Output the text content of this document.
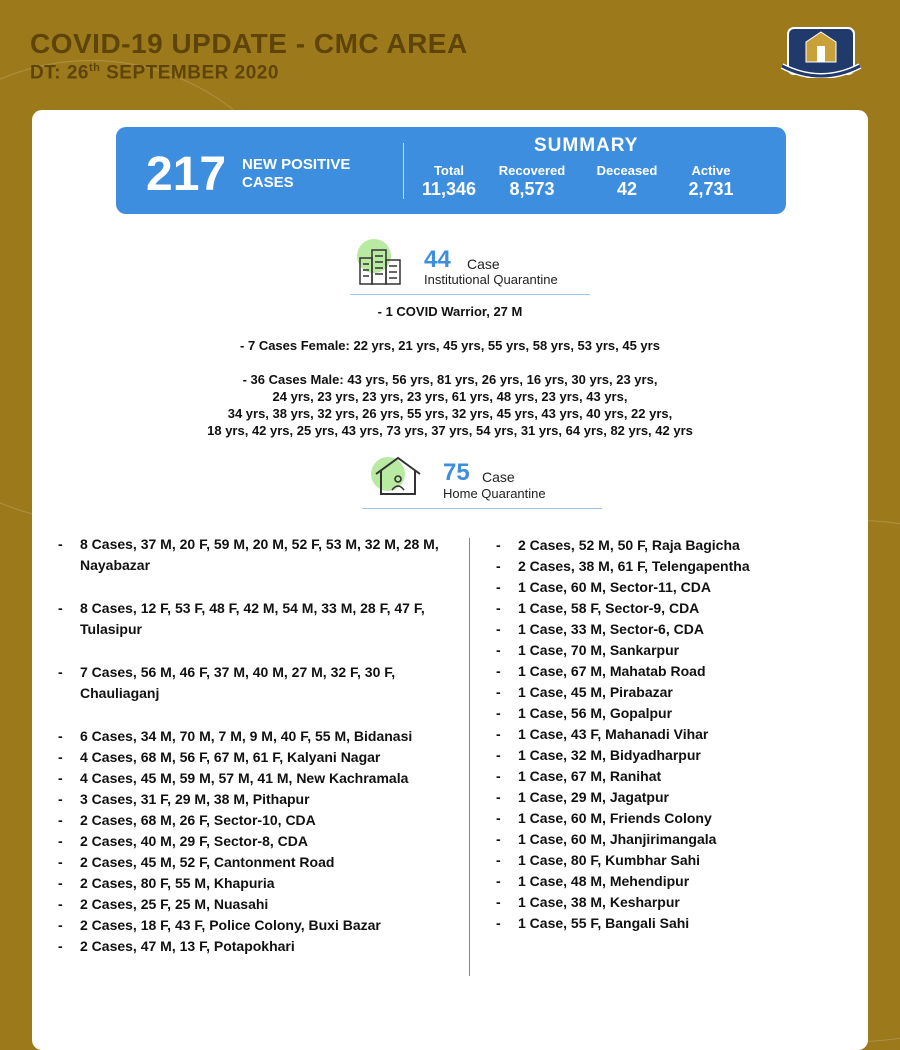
COVID-19 UPDATE - CMC AREA
DT: 26th SEPTEMBER 2020
217 NEW POSITIVE CASES
SUMMARY
Total
11,346
Recovered
8,573
Deceased
42
Active
2,731
44 Case
Institutional Quarantine
- 1 COVID Warrior, 27 M
- 7 Cases Female: 22 yrs, 21 yrs, 45 yrs, 55 yrs, 58 yrs, 53 yrs, 45 yrs
- 36 Cases Male: 43 yrs, 56 yrs, 81 yrs, 26 yrs, 16 yrs, 30 yrs, 23 yrs,
24 yrs, 23 yrs, 23 yrs, 23 yrs, 61 yrs, 48 yrs, 23 yrs, 43 yrs,
34 yrs, 38 yrs, 32 yrs, 26 yrs, 55 yrs, 32 yrs, 45 yrs, 43 yrs, 40 yrs, 22 yrs,
18 yrs, 42 yrs, 25 yrs, 43 yrs, 73 yrs, 37 yrs, 54 yrs, 31 yrs, 64 yrs, 82 yrs, 42 yrs
75 Case
Home Quarantine
- 8 Cases, 37 M, 20 F, 59 M, 20 M, 52 F, 53 M, 32 M, 28 M, Nayabazar
- 8 Cases, 12 F, 53 F, 48 F, 42 M, 54 M, 33 M, 28 F, 47 F, Tulasipur
- 7 Cases, 56 M, 46 F, 37 M, 40 M, 27 M, 32 F, 30 F, Chauliaganj
- 6 Cases, 34 M, 70 M, 7 M, 9 M, 40 F, 55 M, Bidanasi
- 4 Cases, 68 M, 56 F, 67 M, 61 F, Kalyani Nagar
- 4 Cases, 45 M, 59 M, 57 M, 41 M, New Kachramala
- 3 Cases, 31 F, 29 M, 38 M, Pithapur
- 2 Cases, 68 M, 26 F, Sector-10, CDA
- 2 Cases, 40 M, 29 F, Sector-8, CDA
- 2 Cases, 45 M, 52 F, Cantonment Road
- 2 Cases, 80 F, 55 M, Khapuria
- 2 Cases, 25 F, 25 M, Nuasahi
- 2 Cases, 18 F, 43 F, Police Colony, Buxi Bazar
- 2 Cases, 47 M, 13 F, Potapokhari
- 2 Cases, 52 M, 50 F, Raja Bagicha
- 2 Cases, 38 M, 61 F, Telengapentha
- 1 Case, 60 M, Sector-11, CDA
- 1 Case, 58 F, Sector-9, CDA
- 1 Case, 33 M, Sector-6, CDA
- 1 Case, 70 M, Sankarpur
- 1 Case, 67 M, Mahatab Road
- 1 Case, 45 M, Pirabazar
- 1 Case, 56 M, Gopalpur
- 1 Case, 43 F, Mahanadi Vihar
- 1 Case, 32 M, Bidyadharpur
- 1 Case, 67 M, Ranihat
- 1 Case, 29 M, Jagatpur
- 1 Case, 60 M, Friends Colony
- 1 Case, 60 M, Jhanjirimangala
- 1 Case, 80 F, Kumbhar Sahi
- 1 Case, 48 M, Mehendipur
- 1 Case, 38 M, Kesharpur
- 1 Case, 55 F, Bangali Sahi
